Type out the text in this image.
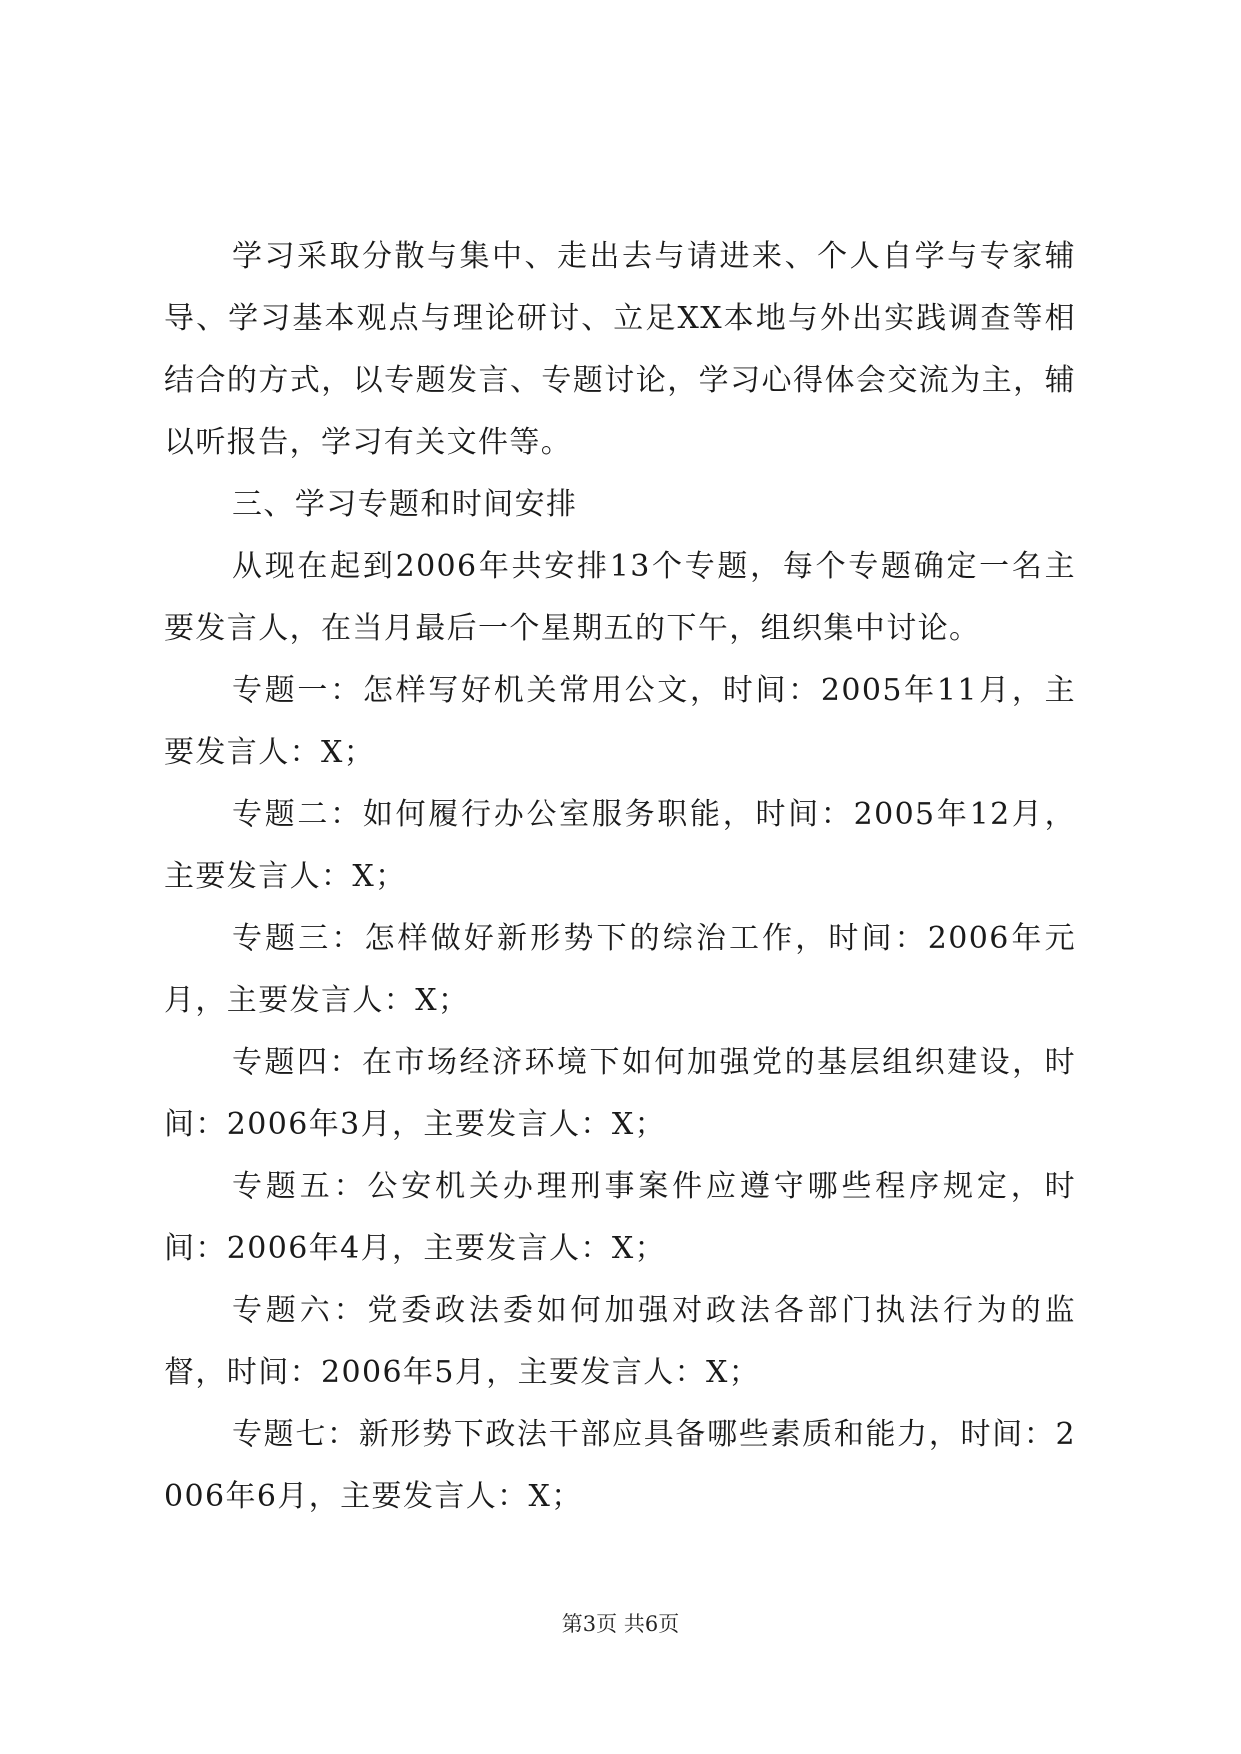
学习采取分散与集中、走出去与请进来、个人自学与专家辅导、学习基本观点与理论研讨、立足XX本地与外出实践调查等相结合的方式，以专题发言、专题讨论，学习心得体会交流为主，辅以听报告，学习有关文件等。

三、学习专题和时间安排

从现在起到2006年共安排13个专题，每个专题确定一名主要发言人，在当月最后一个星期五的下午，组织集中讨论。

专题一：怎样写好机关常用公文，时间：2005年11月，主要发言人：X；

专题二：如何履行办公室服务职能，时间：2005年12月，主要发言人：X；

专题三：怎样做好新形势下的综治工作，时间：2006年元月，主要发言人：X；

专题四：在市场经济环境下如何加强党的基层组织建设，时间：2006年3月，主要发言人：X；

专题五：公安机关办理刑事案件应遵守哪些程序规定，时间：2006年4月，主要发言人：X；

专题六：党委政法委如何加强对政法各部门执法行为的监督，时间：2006年5月，主要发言人：X；

专题七：新形势下政法干部应具备哪些素质和能力，时间：2006年6月，主要发言人：X；

第3页 共6页
